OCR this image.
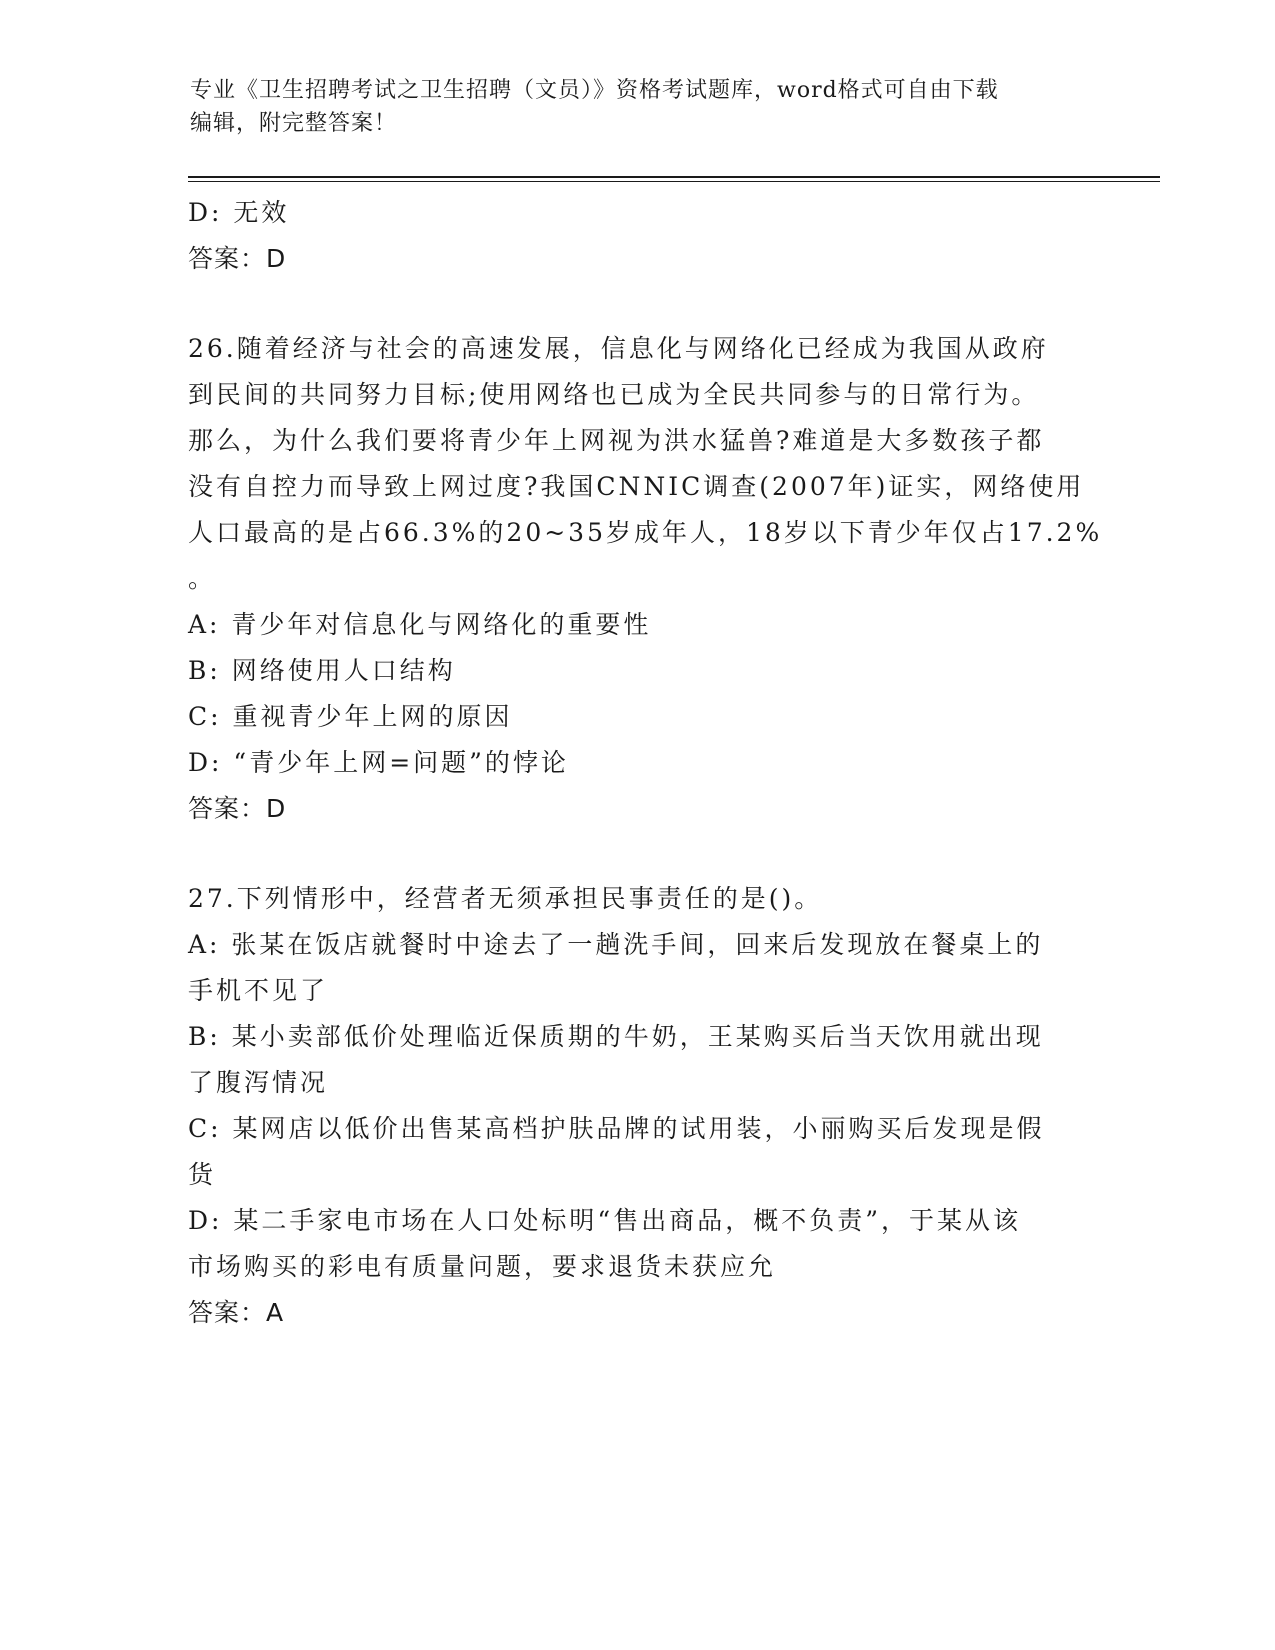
专业《卫生招聘考试之卫生招聘（文员）》资格考试题库，word格式可自由下载
编辑，附完整答案！
D: 无效
答案：D
26.随着经济与社会的高速发展，信息化与网络化已经成为我国从政府
到民间的共同努力目标;使用网络也已成为全民共同参与的日常行为。
那么，为什么我们要将青少年上网视为洪水猛兽?难道是大多数孩子都
没有自控力而导致上网过度?我国CNNIC调查(2007年)证实，网络使用
人口最高的是占66.3%的20~35岁成年人，18岁以下青少年仅占17.2%
。
A: 青少年对信息化与网络化的重要性
B: 网络使用人口结构
C: 重视青少年上网的原因
D: “青少年上网=问题”的悖论
答案：D
27.下列情形中，经营者无须承担民事责任的是()。
A: 张某在饭店就餐时中途去了一趟洗手间，回来后发现放在餐桌上的
手机不见了
B: 某小卖部低价处理临近保质期的牛奶，王某购买后当天饮用就出现
了腹泻情况
C: 某网店以低价出售某高档护肤品牌的试用装，小丽购买后发现是假
货
D: 某二手家电市场在人口处标明“售出商品，概不负责”，于某从该
市场购买的彩电有质量问题，要求退货未获应允
答案：A
